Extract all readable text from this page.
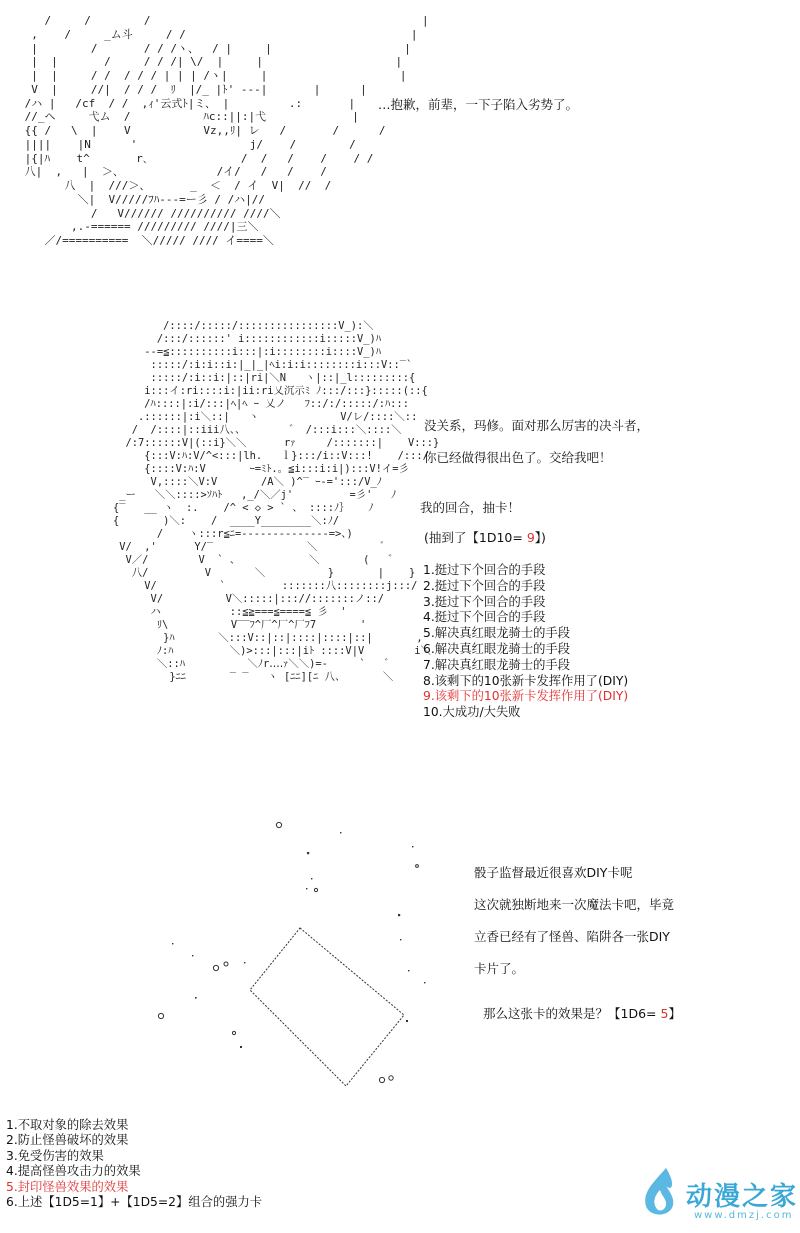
/     /        /                                         |
,    /     _ム斗     / /                                  |
|        /       / / /ヽ、  / |     |                    |
|  |       /     / / /| \/  |     |                    |
|  |     / /  / / / | | | /ヽ|     |                    |
V  |     //|  / / /  ﾘ  |/_ |ﾄ' ---|       |      |
/ハ |   /cf  / /  ,ｨ'云式ﾄ|ミ、 |         .:       |
//_ヘ     弋ム  /           ﾊc::||:|弋             |
{{ /   \  |    V           Vz,,ﾘ| レ   /       /      /
||||    |N      '                 j/    /        /
|{|ﾊ    t^       r､              /  /   /    /    / /
八|  ,   |  ＞、              /イ/   /   /    /
八  |  ///＞、      _  ＜  / イ  V|  //  /
＼|  V/////ﾌﾊ---=ー彡 / /ハ|//
/   V////// ////////// ////＼
,.-====== ///////// ////|三＼
／/==========  ＼///// //// イ====＼
…抱歉，前辈，一下子陷入劣势了。
/::::/:::::/::::::::::::::::V_):＼
/:::/::::::' i::::::::::::i:::::V_)ﾊ
--=≦::::::::::i:::|:i::::::::i::::V_)ﾊ
:::::/:i:i::i:|_|_|ﾍi:i:i::::::::i:::V::‾`
:::::/:i::i:|::|ri|＼N   ヽ|::|_l:::::::::{
i:::イ:ri::::i:|ii:ri乂沉示ﾐ ﾉ:::/:::}:::::(::{
/ﾊ::::|:i/:::|ﾍ|ﾍ ｰ 乂ノ   ﾌ::/:/:::::/:ﾊ:::
.::::::|:i＼::|   ヽ             V/レ/::::＼::
/  /::::|::iii八、、       ゛ /:::i:::＼::::＼
/:7::::::V|(::i}＼＼      rｧ     /:::::::|    V:::}
{:::V:ﾊ:V/^<:::|lh.   ｌ}:::/i::V:::!    /:::/
{::::V:ﾊ:V       ｰ=ﾐﾄ.。≦i:::i:i|):::V!イ=彡
V,::::＼V:V       /A＼ )^‾ ｰ-=':::/V_ﾉ
_ー   ＼＼::::>ｿﾊﾄ   ,_/＼／j'         =彡'   ﾉ
{‾   __ ヽ  :.    /^ < ◇ > ` 、 ::::ﾉ｝   ﾉ
{       )＼:    /  ____Y________＼:ﾉ/
/    ヽ:::r≦ﾆ=--------------=>、)
V/  ,'      Y/‾               ＼          ゛
V／/        V  ` 、           ＼       (   ゛
八/         V       ＼          }       |    }
V/          `         :::::::八::::::::j:::/
V/          V＼:::::|::://:::::::ノ::/
ハ           ::≦≧===≦====≦ 彡  '
ﾘ\          V‾‾ﾌ^厂^厂^厂ﾌ7       '
}ﾊ       ＼:::V::|::|::::|::::|::|       ,
ﾉ:ﾊ         ＼)>:::|:::|iﾄ ::::V|V        i＼
＼::ﾊ          ＼ﾉr‥‥ｧ＼＼)=-     `   ゛
}ﾆﾆ       ‾ ‾   ヽ [ﾆﾆ][ﾆ 八、      ＼
没关系，玛修。面对那么厉害的决斗者，
你已经做得很出色了。交给我吧！
我的回合，抽卡！
(抽到了【1D10= 9】)
1.挺过下个回合的手段
2.挺过下个回合的手段
3.挺过下个回合的手段
4.挺过下个回合的手段
5.解决真红眼龙骑士的手段
6.解决真红眼龙骑士的手段
7.解决真红眼龙骑士的手段
8.该剩下的10张新卡发挥作用了(DIY)
9.该剩下的10张新卡发挥作用了(DIY)
10.大成功/大失败
骰子监督最近很喜欢DIY卡呢
这次就独断地来一次魔法卡吧，毕竟
立香已经有了怪兽、陷阱各一张DIY
卡片了。
那么这张卡的效果是？【1D6= 5】
1.不取对象的除去效果
2.防止怪兽破坏的效果
3.免受伤害的效果
4.提高怪兽攻击力的效果
5.封印怪兽效果的效果
6.上述【1D5=1】+【1D5=2】组合的强力卡	动漫之家
www.dmzj.com
